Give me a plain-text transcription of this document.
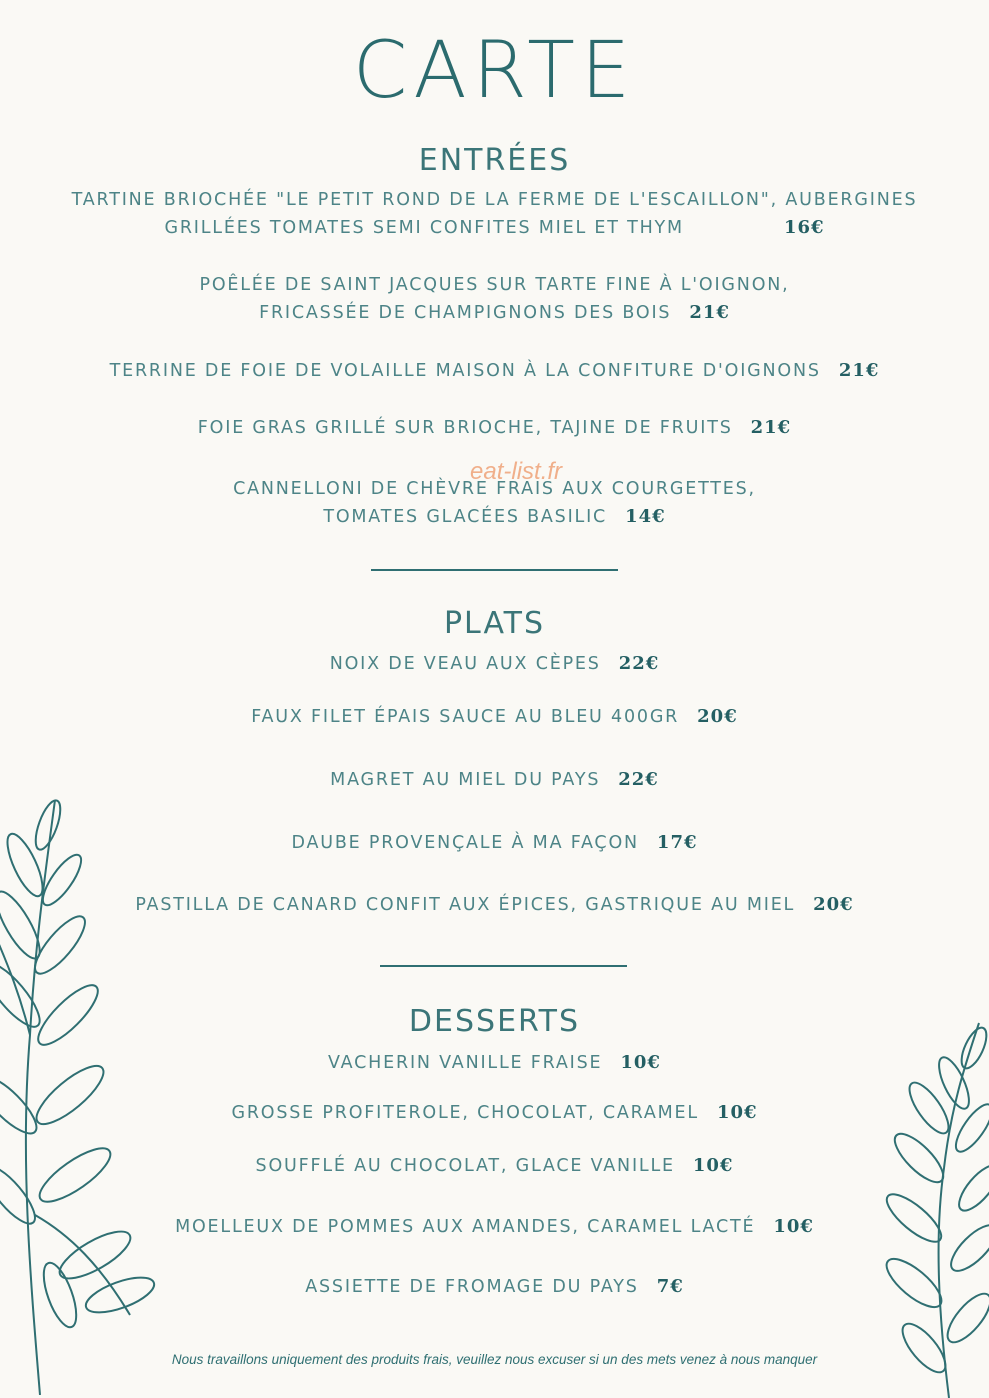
CARTE
ENTRÉES
TARTINE BRIOCHÉE "LE PETIT ROND DE LA FERME DE L'ESCAILLON", AUBERGINES
GRILLÉES TOMATES SEMI CONFITES MIEL ET THYM	16€
POÊLÉE DE SAINT JACQUES SUR TARTE FINE À L'OIGNON,
FRICASSÉE DE CHAMPIGNONS DES BOIS 21€
TERRINE DE FOIE DE VOLAILLE MAISON À LA CONFITURE D'OIGNONS 21€
FOIE GRAS GRILLÉ SUR BRIOCHE, TAJINE DE FRUITS 21€
CANNELLONI DE CHÈVRE FRAIS AUX COURGETTES,
TOMATES GLACÉES BASILIC 14€
eat-list.fr
PLATS
NOIX DE VEAU AUX CÈPES 22€
FAUX FILET ÉPAIS SAUCE AU BLEU 400GR 20€
MAGRET AU MIEL DU PAYS 22€
DAUBE PROVENÇALE À MA FAÇON 17€
PASTILLA DE CANARD CONFIT AUX ÉPICES, GASTRIQUE AU MIEL 20€
DESSERTS
VACHERIN VANILLE FRAISE 10€
GROSSE PROFITEROLE, CHOCOLAT, CARAMEL 10€
SOUFFLÉ AU CHOCOLAT, GLACE VANILLE 10€
MOELLEUX DE POMMES AUX AMANDES, CARAMEL LACTÉ 10€
ASSIETTE DE FROMAGE DU PAYS 7€
Nous travaillons uniquement des produits frais, veuillez nous excuser si un des mets venez à nous manquer
